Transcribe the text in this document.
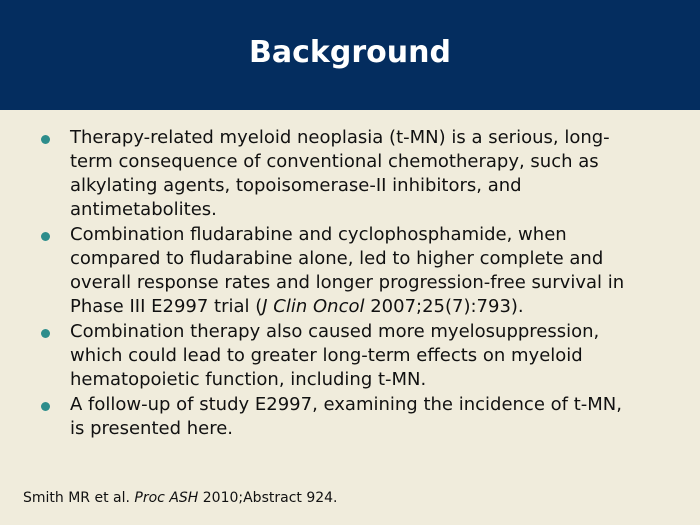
Background
Therapy-related myeloid neoplasia (t-MN) is a serious, long-term consequence of conventional chemotherapy, such as alkylating agents, topoisomerase-II inhibitors, and antimetabolites.
Combination fludarabine and cyclophosphamide, when compared to fludarabine alone, led to higher complete and overall response rates and longer progression-free survival in Phase III E2997 trial (J Clin Oncol 2007;25(7):793).
Combination therapy also caused more myelosuppression, which could lead to greater long-term effects on myeloid hematopoietic function, including t-MN.
A follow-up of study E2997, examining the incidence of t-MN, is presented here.
Smith MR et al. Proc ASH 2010;Abstract 924.
